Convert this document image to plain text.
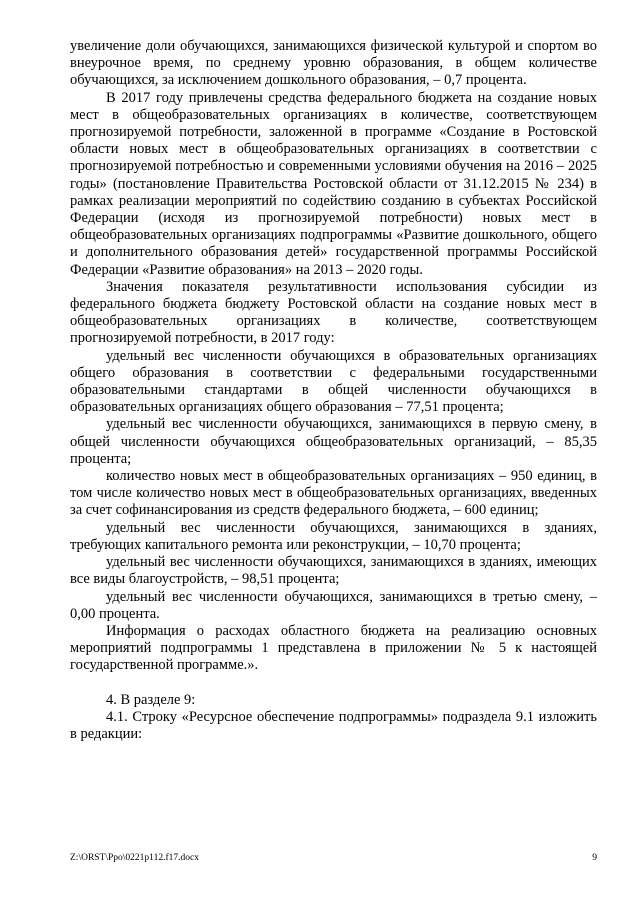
увеличение доли обучающихся, занимающихся физической культурой и спортом во внеурочное время, по среднему уровню образования, в общем количестве обучающихся, за исключением дошкольного образования, – 0,7 процента.

В 2017 году привлечены средства федерального бюджета на создание новых мест в общеобразовательных организациях в количестве, соответствующем прогнозируемой потребности, заложенной в программе «Создание в Ростовской области новых мест в общеобразовательных организациях в соответствии с прогнозируемой потребностью и современными условиями обучения на 2016 – 2025 годы» (постановление Правительства Ростовской области от 31.12.2015 № 234) в рамках реализации мероприятий по содействию созданию в субъектах Российской Федерации (исходя из прогнозируемой потребности) новых мест в общеобразовательных организациях подпрограммы «Развитие дошкольного, общего и дополнительного образования детей» государственной программы Российской Федерации «Развитие образования» на 2013 – 2020 годы.

Значения показателя результативности использования субсидии из федерального бюджета бюджету Ростовской области на создание новых мест в общеобразовательных организациях в количестве, соответствующем прогнозируемой потребности, в 2017 году:

удельный вес численности обучающихся в образовательных организациях общего образования в соответствии с федеральными государственными образовательными стандартами в общей численности обучающихся в образовательных организациях общего образования – 77,51 процента;

удельный вес численности обучающихся, занимающихся в первую смену, в общей численности обучающихся общеобразовательных организаций, – 85,35 процента;

количество новых мест в общеобразовательных организациях – 950 единиц, в том числе количество новых мест в общеобразовательных организациях, введенных за счет софинансирования из средств федерального бюджета, – 600 единиц;

удельный вес численности обучающихся, занимающихся в зданиях, требующих капитального ремонта или реконструкции, – 10,70 процента;

удельный вес численности обучающихся, занимающихся в зданиях, имеющих все виды благоустройств, – 98,51 процента;

удельный вес численности обучающихся, занимающихся в третью смену, – 0,00 процента.

Информация о расходах областного бюджета на реализацию основных мероприятий подпрограммы 1 представлена в приложении № 5 к настоящей государственной программе.».

4. В разделе 9:

4.1. Строку «Ресурсное обеспечение подпрограммы» подраздела 9.1 изложить в редакции:

Z:\ORST\Ppo\0221p112.f17.docx	9
